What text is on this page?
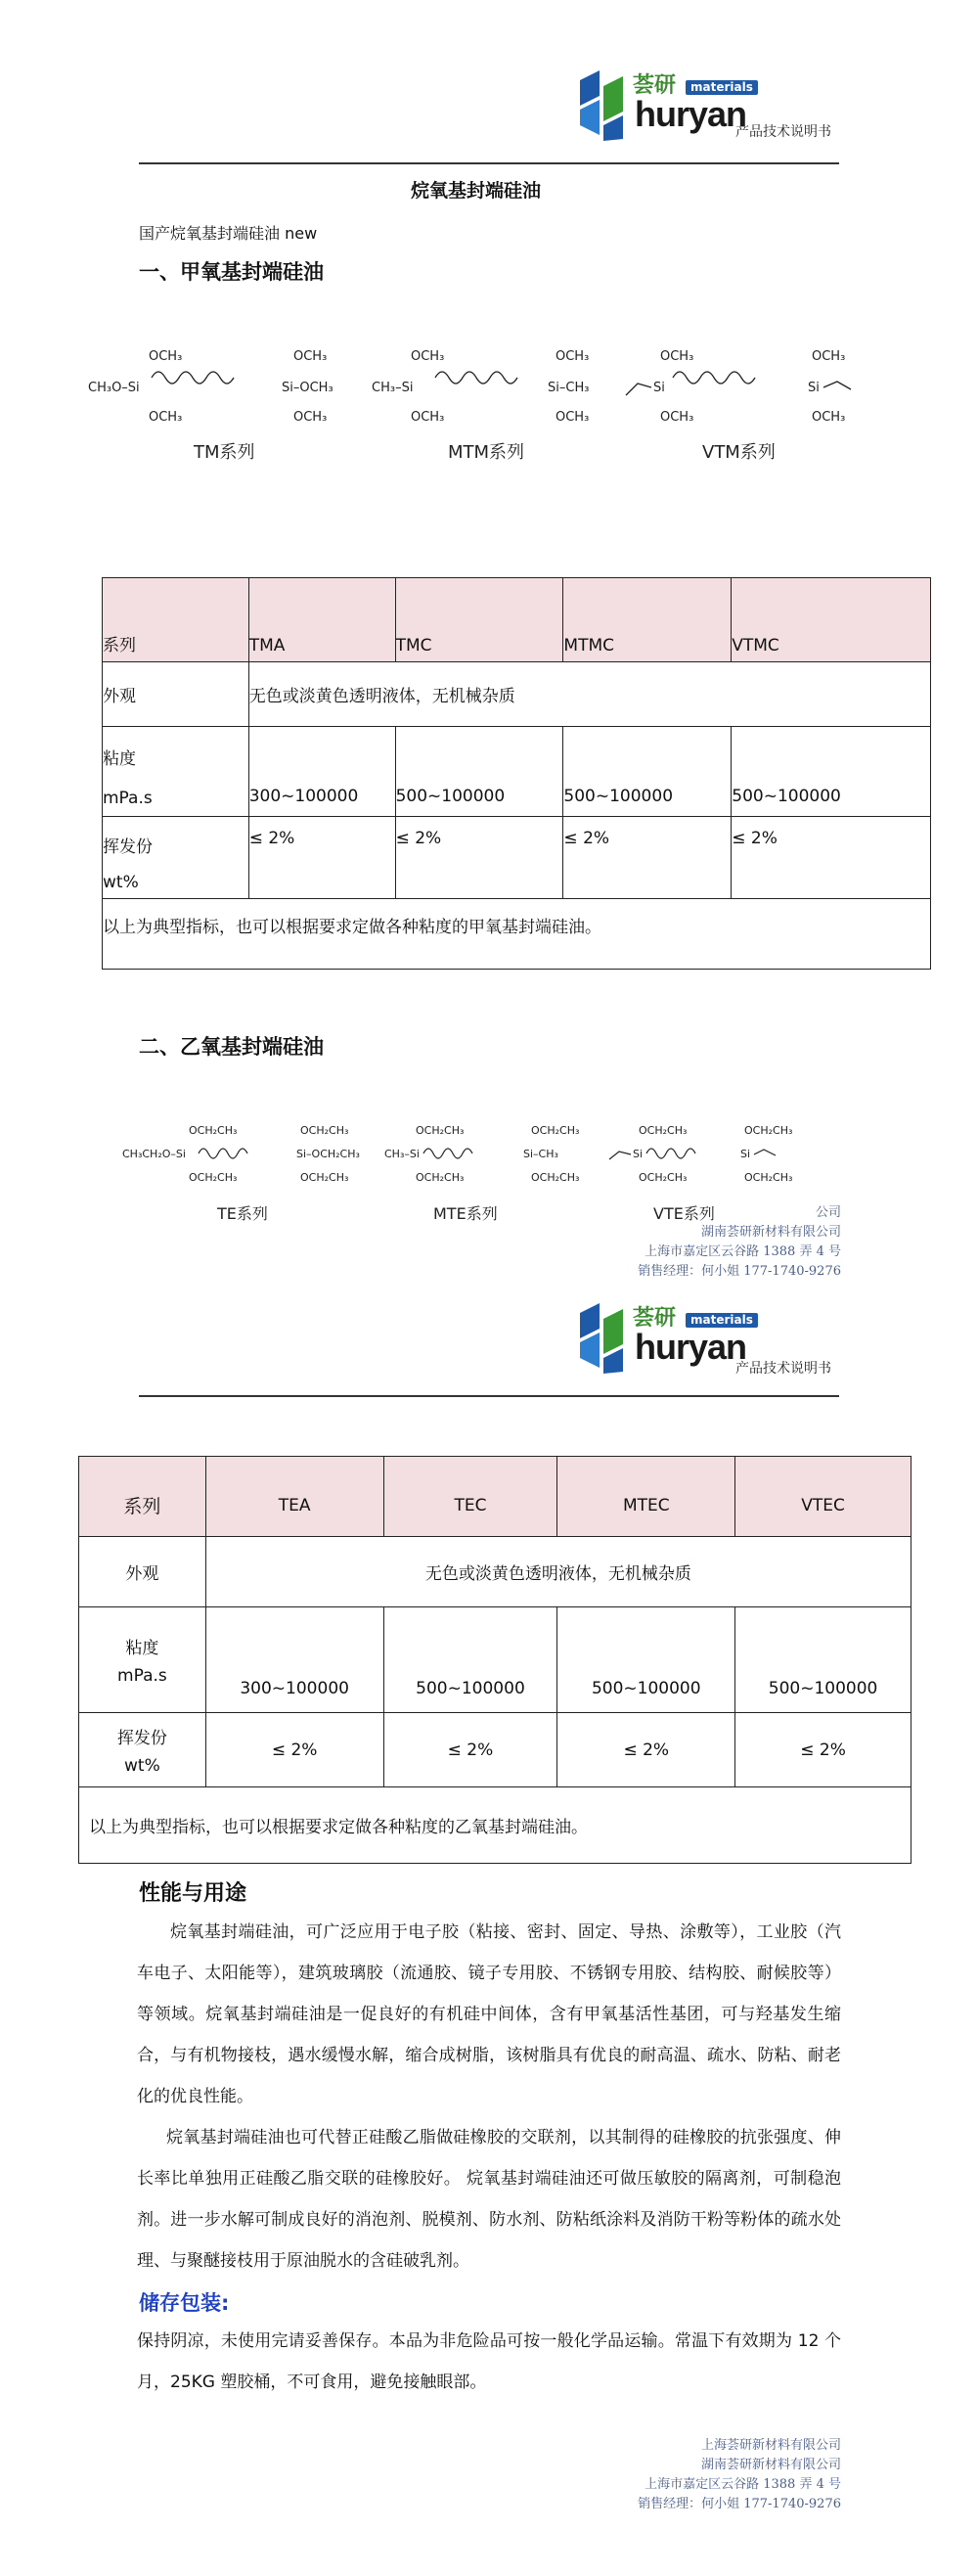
荟研	materials
huryan
产品技术说明书
烷氧基封端硅油
国产烷氧基封端硅油 new
一、甲氧基封端硅油
OCH₃
CH₃O–Si
OCH₃
OCH₃
Si–OCH₃
OCH₃
OCH₃
CH₃–Si
OCH₃
OCH₃
Si–CH₃
OCH₃
OCH₃
Si
OCH₃
OCH₃
Si
OCH₃
TM系列	MTM系列	VTM系列
系列	TMA	TMC	MTMC	VTMC
外观	无色或淡黄色透明液体，无机械杂质			

粘度
mPa.s	300~100000	500~100000	500~100000	500~100000

挥发份
wt%	≤ 2%	≤ 2%	≤ 2%	≤ 2%
以上为典型指标，也可以根据要求定做各种粘度的甲氧基封端硅油。				
二、乙氧基封端硅油
OCH₂CH₃
CH₃CH₂O–Si
OCH₂CH₃
OCH₂CH₃
Si–OCH₂CH₃
OCH₂CH₃
OCH₂CH₃
CH₃–Si
OCH₂CH₃
OCH₂CH₃
Si–CH₃
OCH₂CH₃
OCH₂CH₃
Si
OCH₂CH₃
OCH₂CH₃
Si
OCH₂CH₃
TE系列	MTE系列	VTE系列	公司
湖南荟研新材料有限公司
上海市嘉定区云谷路 1388 弄 4 号
销售经理：何小姐 177-1740-9276
荟研	materials
huryan
产品技术说明书
系列	TEA	TEC	MTEC	VTEC
外观	无色或淡黄色透明液体，无机械杂质			

粘度
mPa.s	300~100000	500~100000	500~100000	500~100000

挥发份
wt%	≤ 2%	≤ 2%	≤ 2%	≤ 2%
以上为典型指标，也可以根据要求定做各种粘度的乙氧基封端硅油。				
性能与用途
烷氧基封端硅油，可广泛应用于电子胶（粘接、密封、固定、导热、涂敷等），工业胶（汽车电子、太阳能等），建筑玻璃胶（流通胶、镜子专用胶、不锈钢专用胶、结构胶、耐候胶等）等领域。烷氧基封端硅油是一促良好的有机硅中间体，含有甲氧基活性基团，可与羟基发生缩合，与有机物接枝，遇水缓慢水解，缩合成树脂，该树脂具有优良的耐高温、疏水、防粘、耐老化的优良性能。
烷氧基封端硅油也可代替正硅酸乙脂做硅橡胶的交联剂，以其制得的硅橡胶的抗张强度、伸长率比单独用正硅酸乙脂交联的硅橡胶好。 烷氧基封端硅油还可做压敏胶的隔离剂，可制稳泡剂。进一步水解可制成良好的消泡剂、脱模剂、防水剂、防粘纸涂料及消防干粉等粉体的疏水处理、与聚醚接枝用于原油脱水的含硅破乳剂。
储存包装:
保持阴凉，未使用完请妥善保存。本品为非危险品可按一般化学品运输。常温下有效期为 12 个月，25KG 塑胶桶，不可食用，避免接触眼部。
上海荟研新材料有限公司
湖南荟研新材料有限公司
上海市嘉定区云谷路 1388 弄 4 号
销售经理：何小姐 177-1740-9276
